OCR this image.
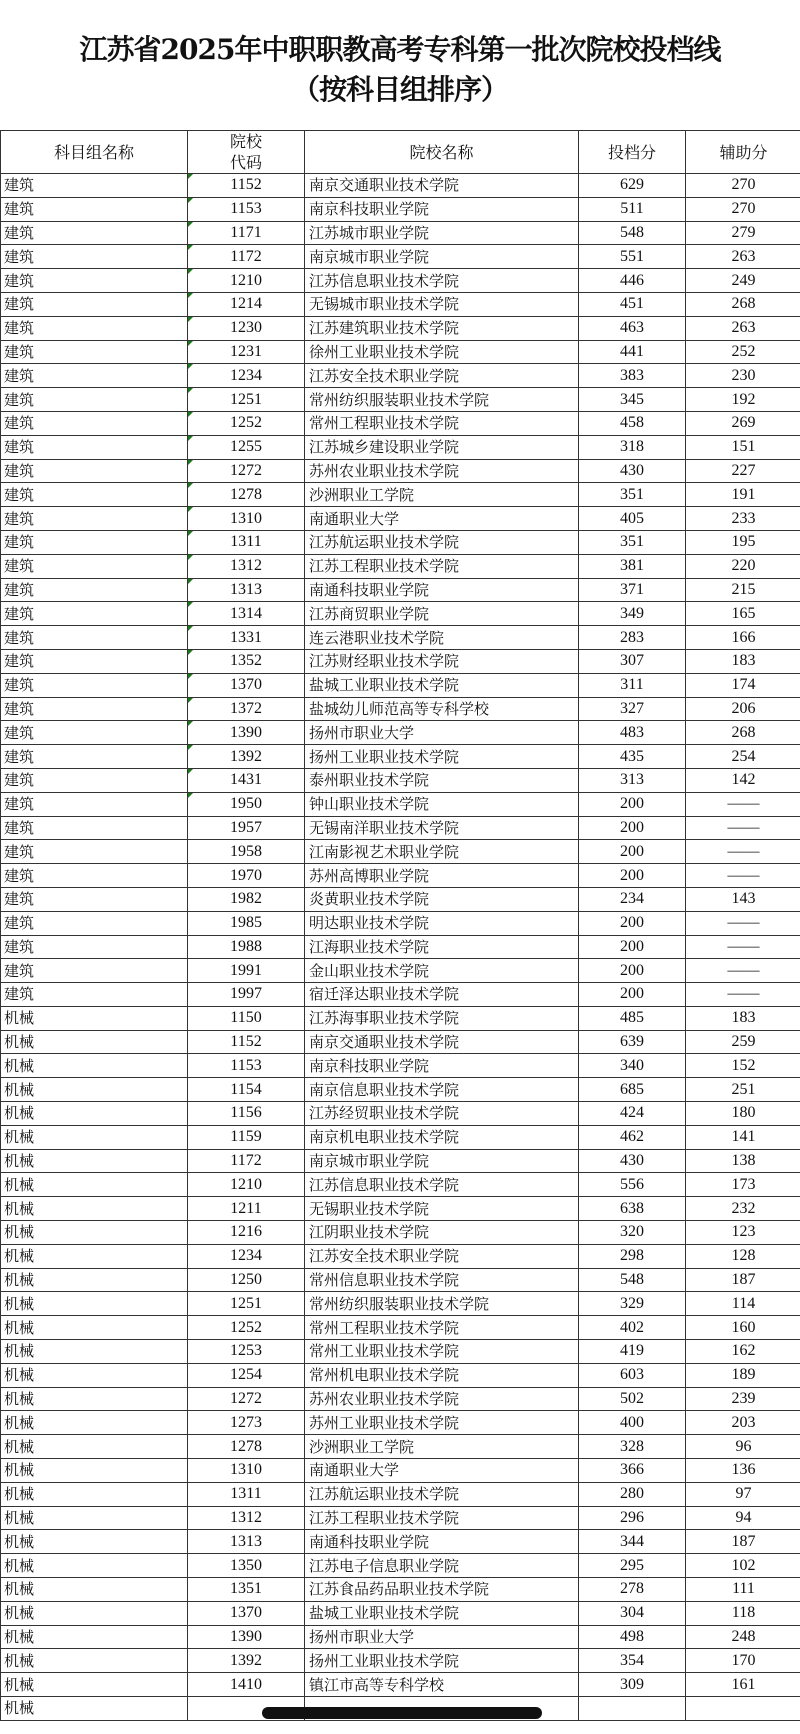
江苏省2025年中职职教高考专科第一批次院校投档线
（按科目组排序）
科目组名称	院校代码	院校名称	投档分	辅助分
建筑	1152	南京交通职业技术学院	629	270
建筑	1153	南京科技职业学院	511	270
建筑	1171	江苏城市职业学院	548	279
建筑	1172	南京城市职业学院	551	263
建筑	1210	江苏信息职业技术学院	446	249
建筑	1214	无锡城市职业技术学院	451	268
建筑	1230	江苏建筑职业技术学院	463	263
建筑	1231	徐州工业职业技术学院	441	252
建筑	1234	江苏安全技术职业学院	383	230
建筑	1251	常州纺织服装职业技术学院	345	192
建筑	1252	常州工程职业技术学院	458	269
建筑	1255	江苏城乡建设职业学院	318	151
建筑	1272	苏州农业职业技术学院	430	227
建筑	1278	沙洲职业工学院	351	191
建筑	1310	南通职业大学	405	233
建筑	1311	江苏航运职业技术学院	351	195
建筑	1312	江苏工程职业技术学院	381	220
建筑	1313	南通科技职业学院	371	215
建筑	1314	江苏商贸职业学院	349	165
建筑	1331	连云港职业技术学院	283	166
建筑	1352	江苏财经职业技术学院	307	183
建筑	1370	盐城工业职业技术学院	311	174
建筑	1372	盐城幼儿师范高等专科学校	327	206
建筑	1390	扬州市职业大学	483	268
建筑	1392	扬州工业职业技术学院	435	254
建筑	1431	泰州职业技术学院	313	142
建筑	1950	钟山职业技术学院	200	——
建筑	1957	无锡南洋职业技术学院	200	——
建筑	1958	江南影视艺术职业学院	200	——
建筑	1970	苏州高博职业学院	200	——
建筑	1982	炎黄职业技术学院	234	143
建筑	1985	明达职业技术学院	200	——
建筑	1988	江海职业技术学院	200	——
建筑	1991	金山职业技术学院	200	——
建筑	1997	宿迁泽达职业技术学院	200	——
机械	1150	江苏海事职业技术学院	485	183
机械	1152	南京交通职业技术学院	639	259
机械	1153	南京科技职业学院	340	152
机械	1154	南京信息职业技术学院	685	251
机械	1156	江苏经贸职业技术学院	424	180
机械	1159	南京机电职业技术学院	462	141
机械	1172	南京城市职业学院	430	138
机械	1210	江苏信息职业技术学院	556	173
机械	1211	无锡职业技术学院	638	232
机械	1216	江阴职业技术学院	320	123
机械	1234	江苏安全技术职业学院	298	128
机械	1250	常州信息职业技术学院	548	187
机械	1251	常州纺织服装职业技术学院	329	114
机械	1252	常州工程职业技术学院	402	160
机械	1253	常州工业职业技术学院	419	162
机械	1254	常州机电职业技术学院	603	189
机械	1272	苏州农业职业技术学院	502	239
机械	1273	苏州工业职业技术学院	400	203
机械	1278	沙洲职业工学院	328	96
机械	1310	南通职业大学	366	136
机械	1311	江苏航运职业技术学院	280	97
机械	1312	江苏工程职业技术学院	296	94
机械	1313	南通科技职业学院	344	187
机械	1350	江苏电子信息职业学院	295	102
机械	1351	江苏食品药品职业技术学院	278	111
机械	1370	盐城工业职业技术学院	304	118
机械	1390	扬州市职业大学	498	248
机械	1392	扬州工业职业技术学院	354	170
机械	1410	镇江市高等专科学校	309	161
机械				
